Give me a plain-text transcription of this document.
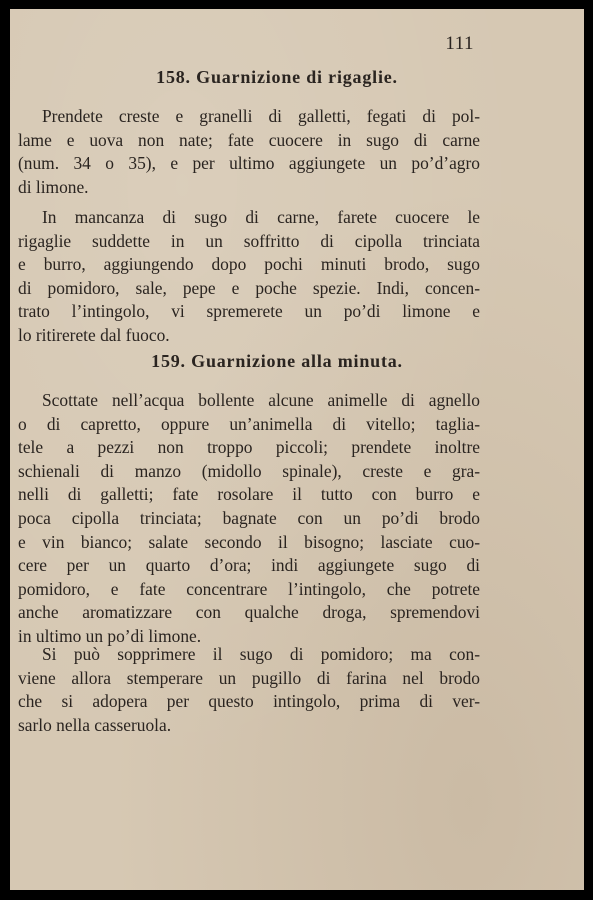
111
158. Guarnizione di rigaglie.
Prendete creste e granelli di galletti, fegati di pol-
lame e uova non nate; fate cuocere in sugo di carne
(num. 34 o 35), e per ultimo aggiungete un po’d’agro
di limone.
In mancanza di sugo di carne, farete cuocere le
rigaglie suddette in un soffritto di cipolla trinciata
e burro, aggiungendo dopo pochi minuti brodo, sugo
di pomidoro, sale, pepe e poche spezie. Indi, concen-
trato l’intingolo, vi spremerete un po’di limone e
lo ritirerete dal fuoco.
159. Guarnizione alla minuta.
Scottate nell’acqua bollente alcune animelle di agnello
o di capretto, oppure un’animella di vitello; taglia-
tele a pezzi non troppo piccoli; prendete inoltre
schienali di manzo (midollo spinale), creste e gra-
nelli di galletti; fate rosolare il tutto con burro e
poca cipolla trinciata; bagnate con un po’di brodo
e vin bianco; salate secondo il bisogno; lasciate cuo-
cere per un quarto d’ora; indi aggiungete sugo di
pomidoro, e fate concentrare l’intingolo, che potrete
anche aromatizzare con qualche droga, spremendovi
in ultimo un po’di limone.
Si può sopprimere il sugo di pomidoro; ma con-
viene allora stemperare un pugillo di farina nel brodo
che si adopera per questo intingolo, prima di ver-
sarlo nella casseruola.
